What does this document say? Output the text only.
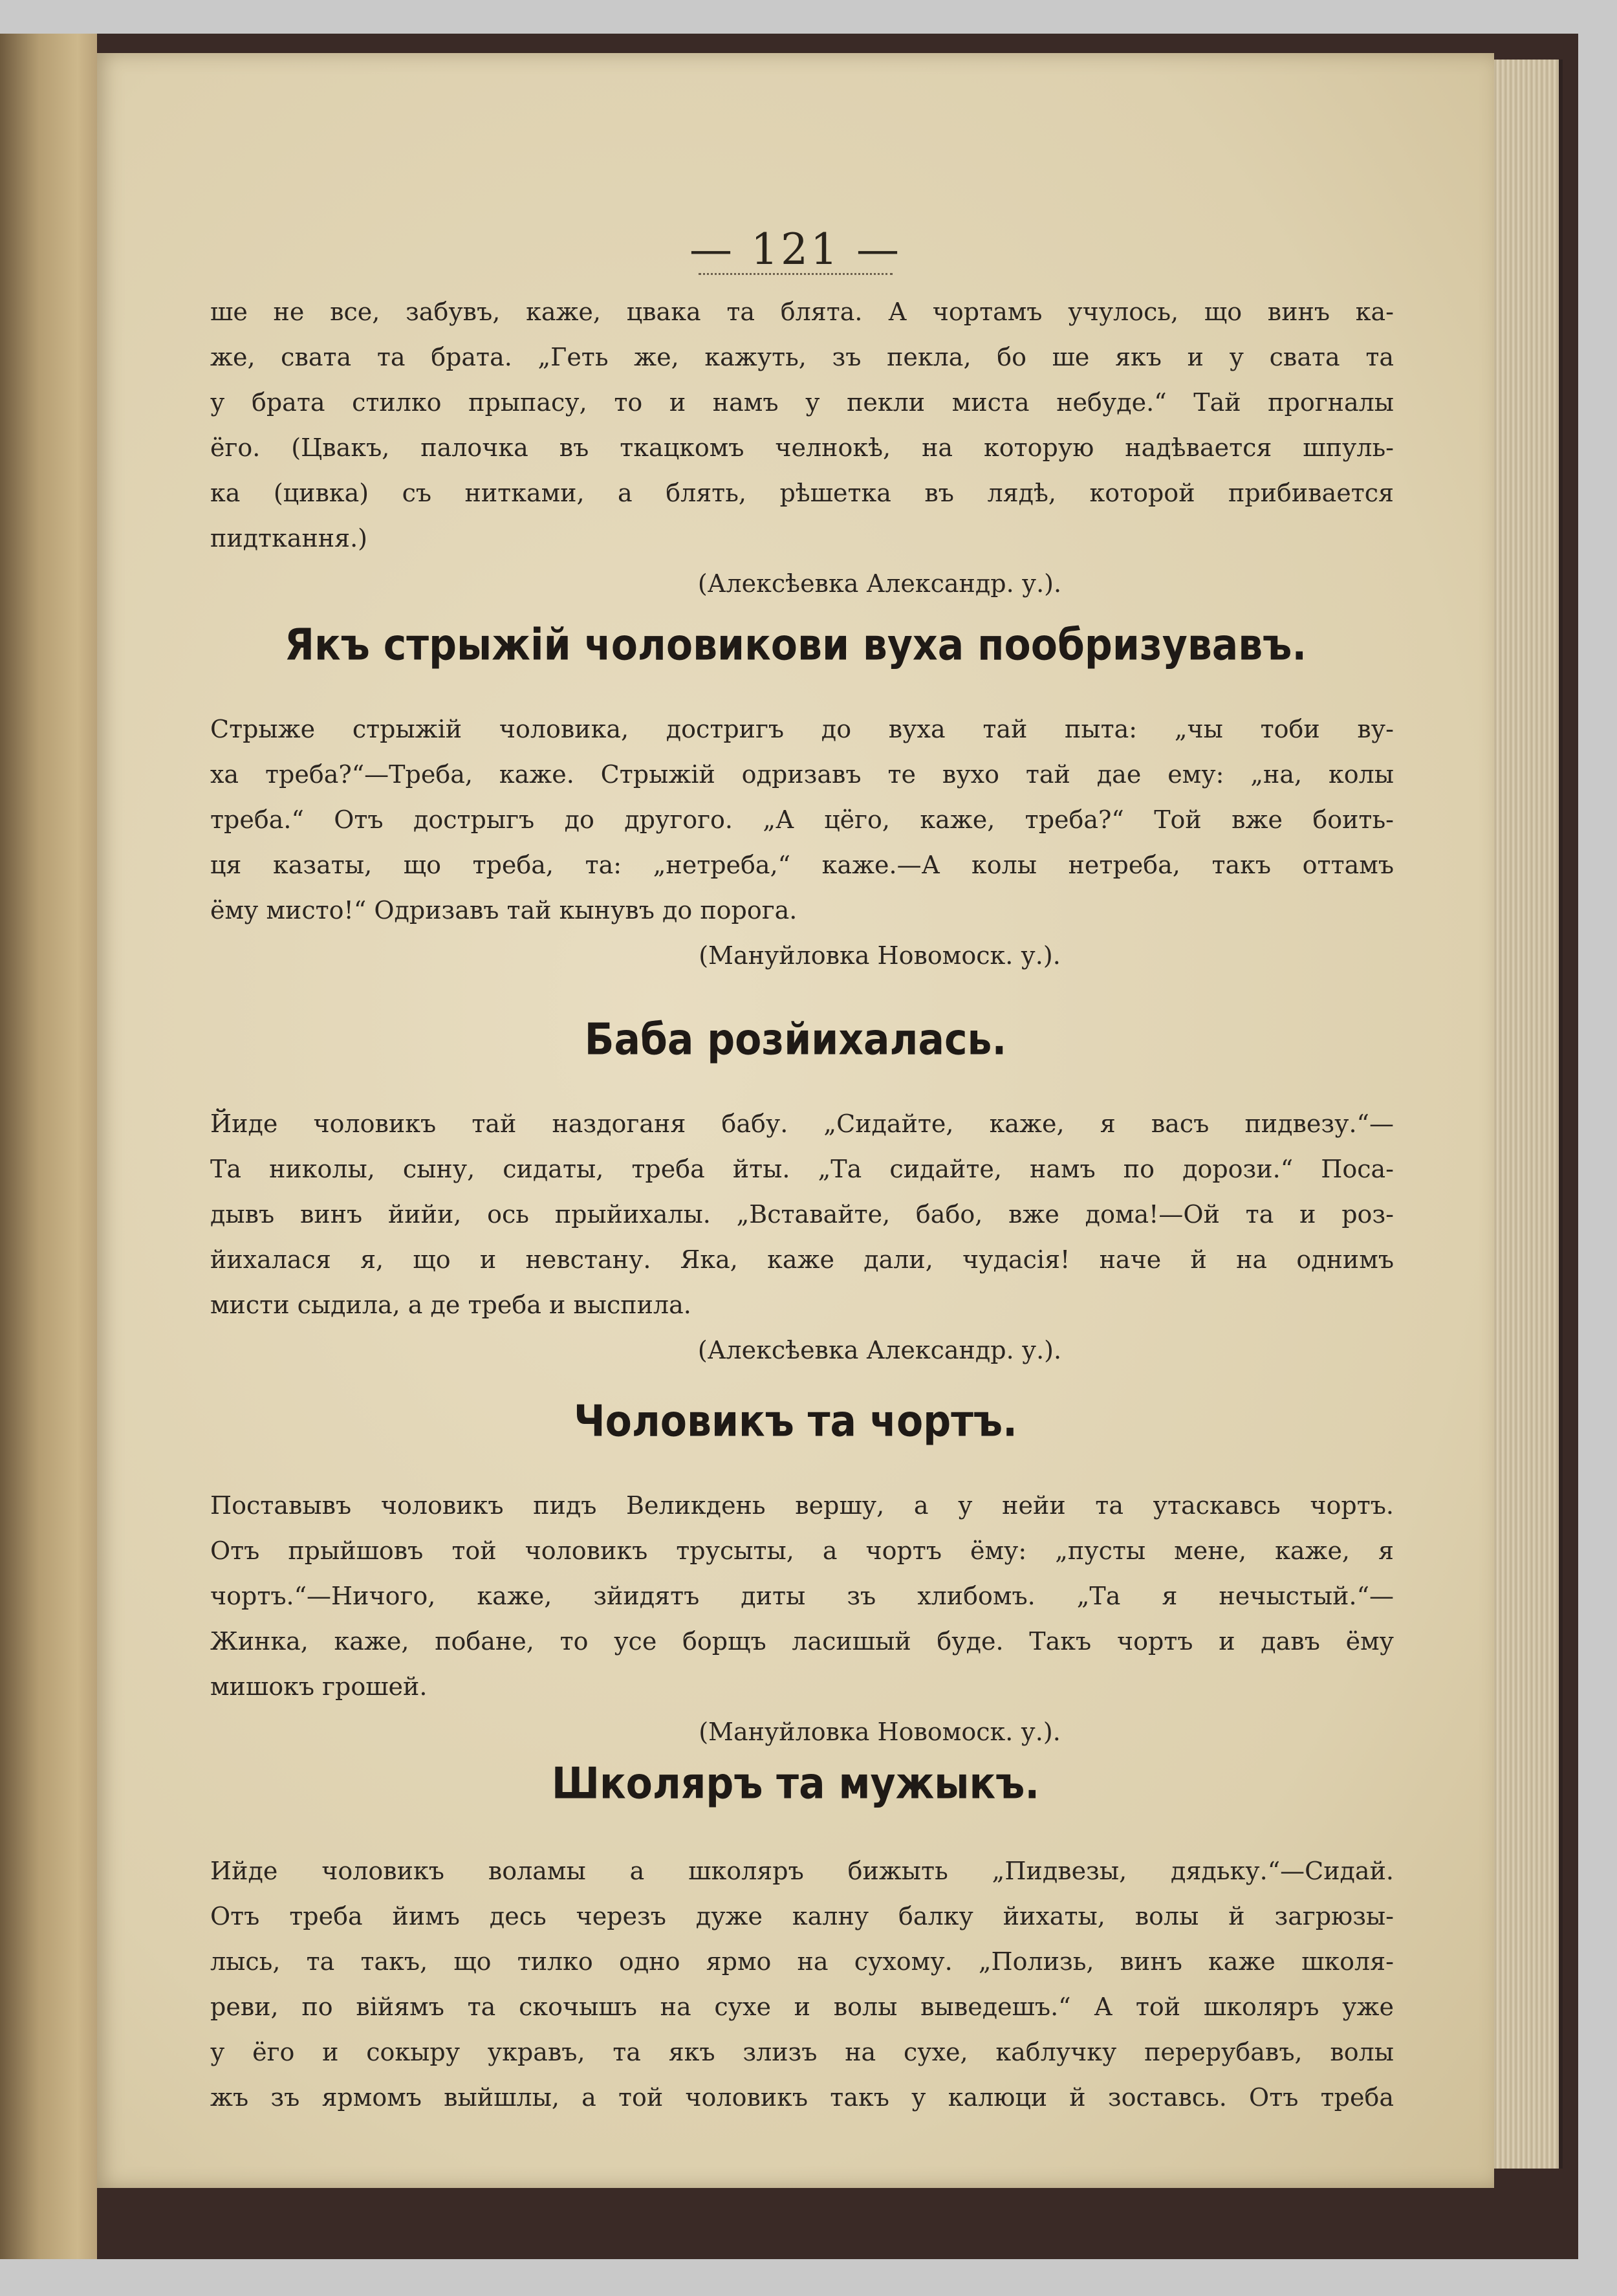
— 121 —
ше не все, забувъ, каже, цвака та блята. А чортамъ учулось, що винъ ка-
же, свата та брата. „Геть же, кажуть, зъ пекла, бо ше якъ и у свата та
у брата стилко прыпасу, то и намъ у пекли миста небуде.“ Тай прогналы
ёго. (Цвакъ, палочка въ ткацкомъ челнокѣ, на которую надѣвается шпуль-
ка (цивка) съ нитками, а блять, рѣшетка въ лядѣ, которой прибивается
пидткання.)
(Алексѣевка Александр. у.).
Якъ стрыжій чоловикови вуха пообризувавъ.
Стрыже стрыжій чоловика, достригъ до вуха тай пыта: „чы тоби ву-
ха треба?“—Треба, каже. Стрыжій одризавъ те вухо тай дае ему: „на, колы
треба.“ Отъ дострыгъ до другого. „А цёго, каже, треба?“ Той вже боить-
ця казаты, що треба, та: „нетреба,“ каже.—А колы нетреба, такъ оттамъ
ёму мисто!“ Одризавъ тай кынувъ до порога.
(Мануйловка Новомоск. у.).
Баба розйихалась.
Йиде чоловикъ тай наздоганя бабу. „Сидайте, каже, я васъ пидвезу.“—
Та николы, сыну, сидаты, треба йты. „Та сидайте, намъ по дорози.“ Поса-
дывъ винъ йийи, ось прыйихалы. „Вставайте, бабо, вже дома!—Ой та и роз-
йихалася я, що и невстану. Яка, каже дали, чудасія! наче й на однимъ
мисти сыдила, а де треба и выспила.
(Алексѣевка Александр. у.).
Чоловикъ та чортъ.
Поставывъ чоловикъ пидъ Великдень вершу, а у нейи та утаскавсь чортъ.
Отъ прыйшовъ той чоловикъ трусыты, а чортъ ёму: „пусты мене, каже, я
чортъ.“—Ничого, каже, зйидятъ диты зъ хлибомъ. „Та я нечыстый.“—
Жинка, каже, побане, то усе борщъ ласишый буде. Такъ чортъ и давъ ёму
мишокъ грошей.
(Мануйловка Новомоск. у.).
Школяръ та мужыкъ.
Ийде чоловикъ воламы а школяръ бижыть „Пидвезы, дядьку.“—Сидай.
Отъ треба йимъ десь черезъ дуже калну балку йихаты, волы й загрюзы-
лысь, та такъ, що тилко одно ярмо на сухому. „Полизь, винъ каже школя-
реви, по війямъ та скочышъ на сухе и волы выведешъ.“ А той школяръ уже
у ёго и сокыру укравъ, та якъ злизъ на сухе, каблучку перерубавъ, волы
жъ зъ ярмомъ выйшлы, а той чоловикъ такъ у калюци й зоставсь. Отъ треба
